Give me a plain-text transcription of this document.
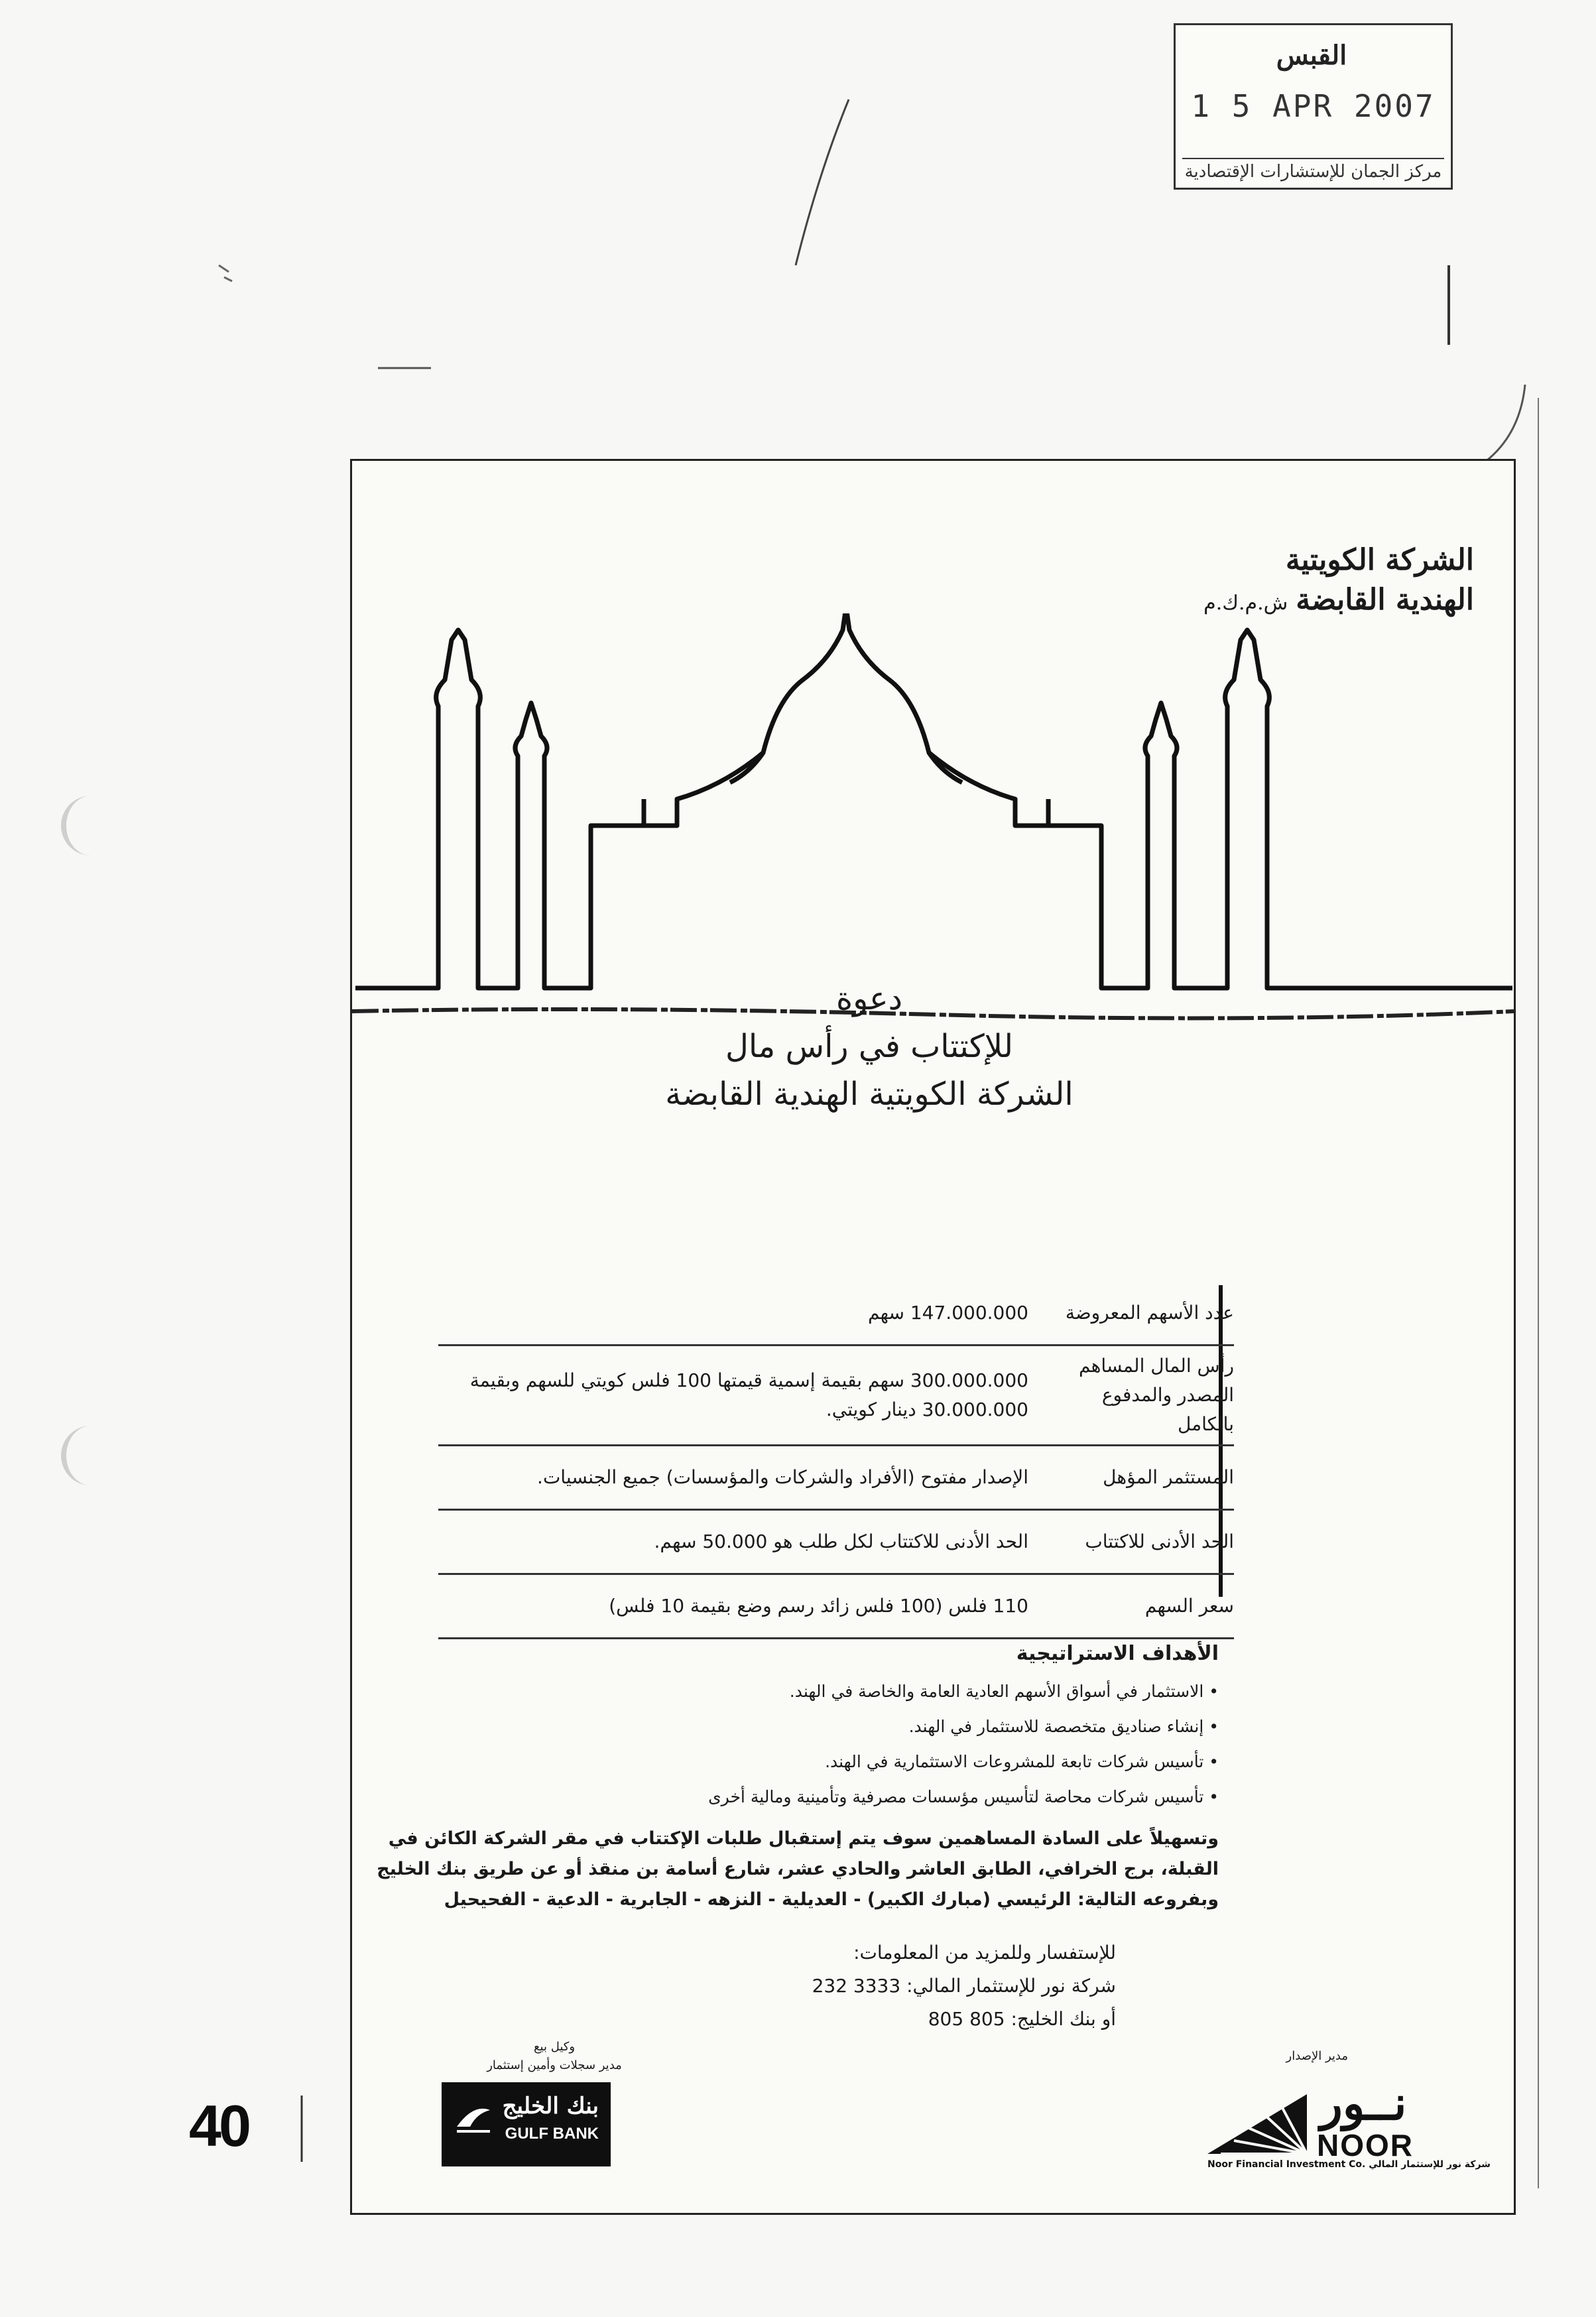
القبس
1 5 APR 2007
مركز الجمان للإستشارات الإقتصادية
40
الشركة الكويتية
الهندية القابضةش.م.ك.م
دعوة
للإكتتاب في رأس مال
الشركة الكويتية الهندية القابضة
عدد الأسهم المعروضة
147.000.000 سهم
رأس المال المساهم المصدر والمدفوع بالكامل
300.000.000 سهم بقيمة إسمية قيمتها 100 فلس كويتي للسهم وبقيمة 30.000.000 دينار كويتي.
المستثمر المؤهل
الإصدار مفتوح (الأفراد والشركات والمؤسسات) جميع الجنسيات.
الحد الأدنى للاكتتاب
الحد الأدنى للاكتتاب لكل طلب هو 50.000 سهم.
سعر السهم
110 فلس (100 فلس زائد رسم وضع بقيمة 10 فلس)
الأهداف الاستراتيجية
• الاستثمار في أسواق الأسهم العادية العامة والخاصة في الهند.
• إنشاء صناديق متخصصة للاستثمار في الهند.
• تأسيس شركات تابعة للمشروعات الاستثمارية في الهند.
• تأسيس شركات محاصة لتأسيس مؤسسات مصرفية وتأمينية ومالية أخرى
وتسهيلاً على السادة المساهمين سوف يتم إستقبال طلبات الإكتتاب في مقر الشركة الكائن في القبلة، برج الخرافي، الطابق العاشر والحادي عشر، شارع أسامة بن منقذ أو عن طريق بنك الخليج وبفروعه التالية: الرئيسي (مبارك الكبير) - العديلية - النزهه - الجابرية - الدعية - الفحيحيل
للإستفسار وللمزيد من المعلومات:
شركة نور للإستثمار المالي: 3333 232
أو بنك الخليج: 805 805
مدير الإصدار
نــور
NOOR
Noor Financial Investment Co. شركة نور للإستثمار المالي
وكيل بيع
مدير سجلات وأمين إستثمار
بنك الخليج
GULF BANK
